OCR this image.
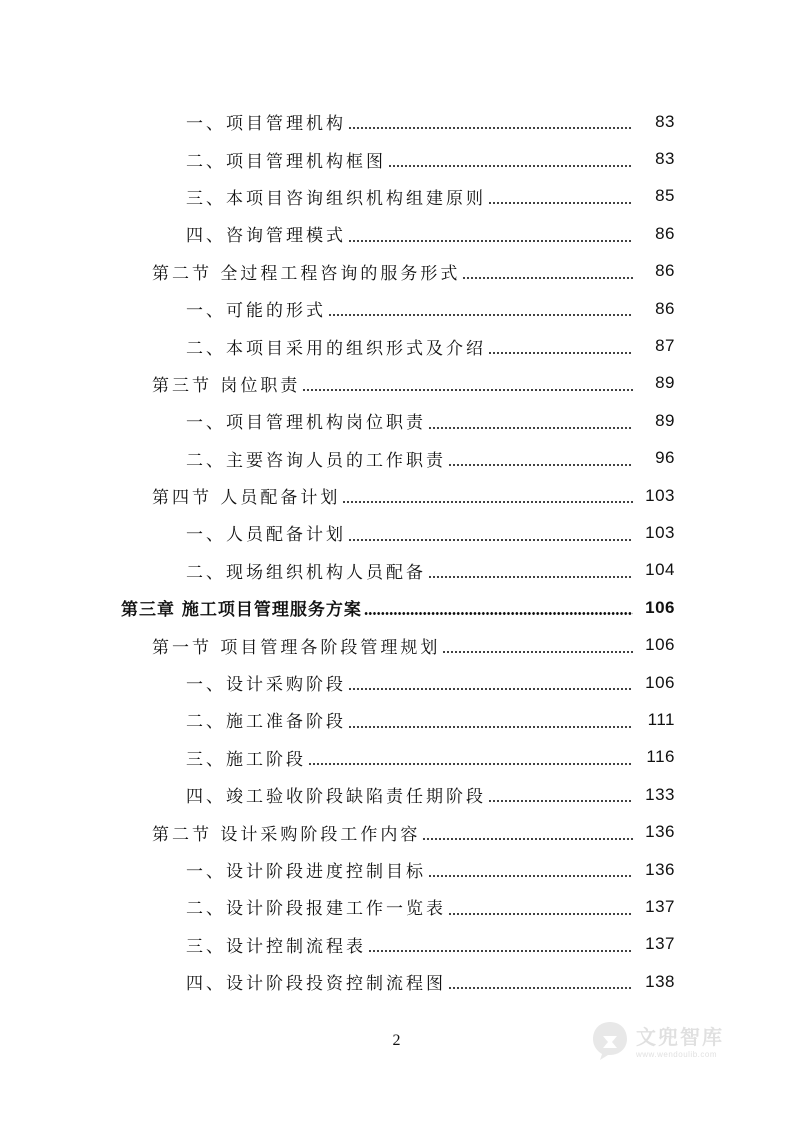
一、项目管理机构	83
二、项目管理机构框图	83
三、本项目咨询组织机构组建原则	85
四、咨询管理模式	86
第二节 全过程工程咨询的服务形式	86
一、可能的形式	86
二、本项目采用的组织形式及介绍	87
第三节 岗位职责	89
一、项目管理机构岗位职责	89
二、主要咨询人员的工作职责	96
第四节 人员配备计划	103
一、人员配备计划	103
二、现场组织机构人员配备	104
第三章 施工项目管理服务方案	106
第一节 项目管理各阶段管理规划	106
一、设计采购阶段	106
二、施工准备阶段	111
三、施工阶段	116
四、竣工验收阶段缺陷责任期阶段	133
第二节 设计采购阶段工作内容	136
一、设计阶段进度控制目标	136
二、设计阶段报建工作一览表	137
三、设计控制流程表	137
四、设计阶段投资控制流程图	138
2	文兜智库
www.wendoulib.com
